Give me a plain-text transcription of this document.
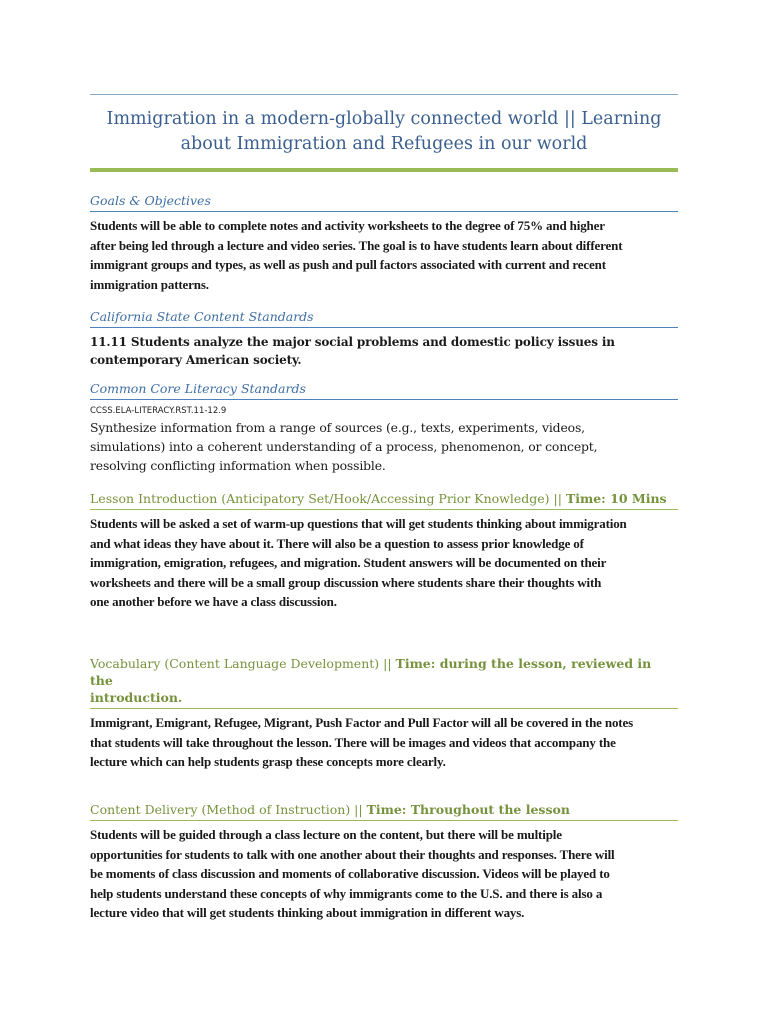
Immigration in a modern-globally connected world || Learning
about Immigration and Refugees in our world
Goals & Objectives
Students will be able to complete notes and activity worksheets to the degree of 75% and higher
after being led through a lecture and video series. The goal is to have students learn about different
immigrant groups and types, as well as push and pull factors associated with current and recent
immigration patterns.
California State Content Standards
11.11 Students analyze the major social problems and domestic policy issues in
contemporary American society.
Common Core Literacy Standards
CCSS.ELA-LITERACY.RST.11-12.9
Synthesize information from a range of sources (e.g., texts, experiments, videos,
simulations) into a coherent understanding of a process, phenomenon, or concept,
resolving conflicting information when possible.
Lesson Introduction (Anticipatory Set/Hook/Accessing Prior Knowledge) || Time: 10 Mins
Students will be asked a set of warm-up questions that will get students thinking about immigration
and what ideas they have about it. There will also be a question to assess prior knowledge of
immigration, emigration, refugees, and migration. Student answers will be documented on their
worksheets and there will be a small group discussion where students share their thoughts with
one another before we have a class discussion.
Vocabulary (Content Language Development) || Time: during the lesson, reviewed in the
introduction.
Immigrant, Emigrant, Refugee, Migrant, Push Factor and Pull Factor will all be covered in the notes
that students will take throughout the lesson. There will be images and videos that accompany the
lecture which can help students grasp these concepts more clearly.
Content Delivery (Method of Instruction) || Time: Throughout the lesson
Students will be guided through a class lecture on the content, but there will be multiple
opportunities for students to talk with one another about their thoughts and responses. There will
be moments of class discussion and moments of collaborative discussion. Videos will be played to
help students understand these concepts of why immigrants come to the U.S. and there is also a
lecture video that will get students thinking about immigration in different ways.
